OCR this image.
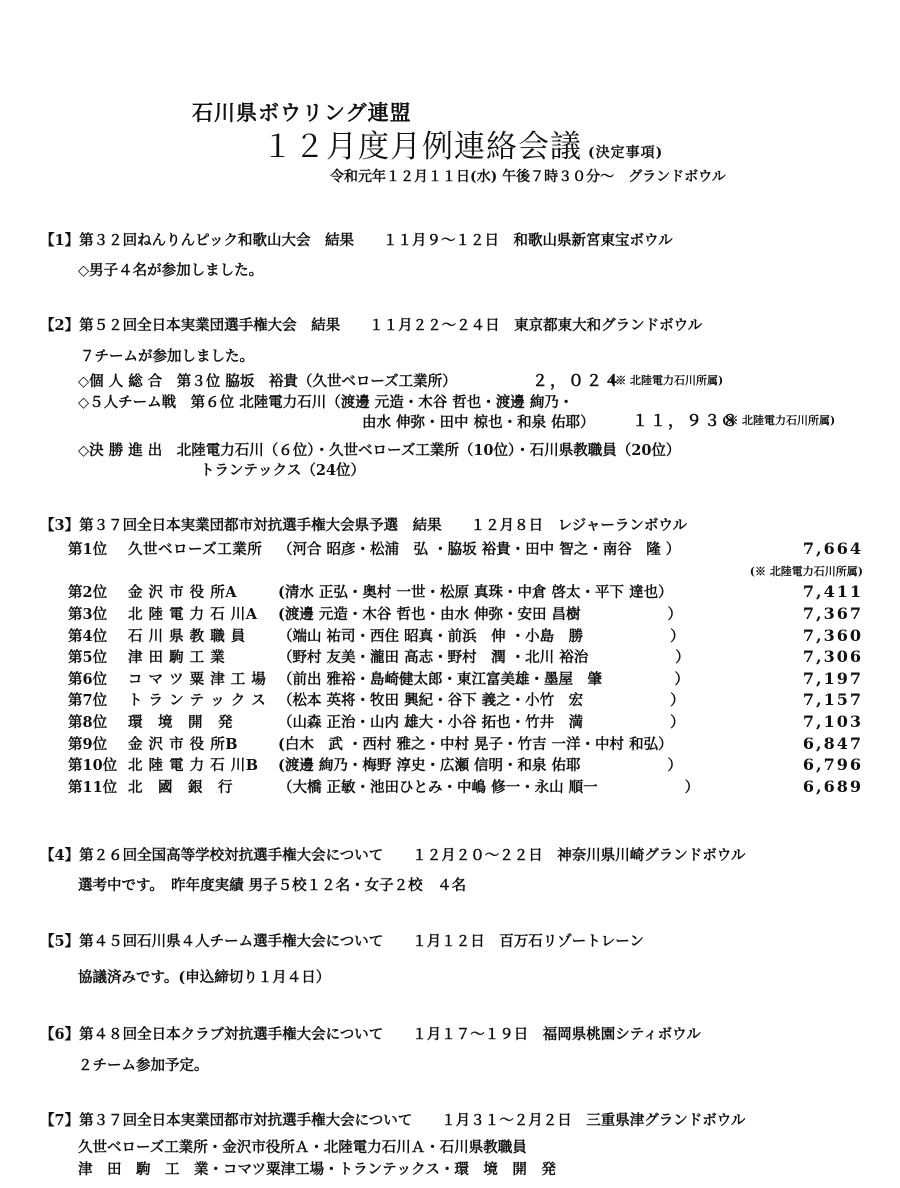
石川県ボウリング連盟
１２月度月例連絡会議 (決定事項)
令和元年１２月１１日(水) 午後７時３０分～　グランドボウル
【1】第３２回ねんりんピック和歌山大会　結果　　１１月９～１２日　和歌山県新宮東宝ボウル
◇男子４名が参加しました。
【2】第５２回全日本実業団選手権大会　結果　　１１月２２～２４日　東京都東大和グランドボウル
７チームが参加しました。
◇個 人 総 合　第３位 脇坂　裕貴（久世ベローズ工業所）	２，０２４
(※ 北陸電力石川所属)
◇５人チーム戦　第６位 北陸電力石川（渡邊 元造・木谷 哲也・渡邊 絢乃・
由水 伸弥・田中 椋也・和泉 佑耶） １１，９３８
(※ 北陸電力石川所属)
◇決 勝 進 出　北陸電力石川（６位）・久世ベローズ工業所（10位）・石川県教職員（20位）
トランテックス（24位）
【3】第３７回全日本実業団都市対抗選手権大会県予選　結果　　１２月８日　レジャーランボウル
第1位	久世ベローズ工業所	（河合 昭彦・松浦　弘 ・脇坂 裕貴・田中 智之・南谷　隆 ）	7,664
(※ 北陸電力石川所属)			
第2位	金 沢 市 役 所A	(清水 正弘・奥村 一世・松原 真珠・中倉 啓太・平下 達也）	7,411
第3位	北 陸 電 力 石 川A	(渡邊 元造・木谷 哲也・由水 伸弥・安田 昌樹　　　　　　）	7,367
第4位	石 川 県 教 職 員	（端山 祐司・西住 昭真・前浜　伸 ・小島　勝　　　　　　）	7,360
第5位	津 田 駒 工 業	（野村 友美・瀧田 高志・野村　潤 ・北川 裕治　　　　　　）	7,306
第6位	コ マ ツ 粟 津 工 場	（前出 雅裕・島崎健太郎・東江富美雄・墨屋　肇　　　　　）	7,197
第7位	ト ラ ン テ ッ ク ス	（松本 英将・牧田 興紀・谷下 義之・小竹　宏　　　　　　）	7,157
第8位	環　境　開　発	（山森 正治・山内 雄大・小谷 拓也・竹井　満　　　　　　）	7,103
第9位	金 沢 市 役 所B	(白木　武 ・西村 雅之・中村 晃子・竹吉 一洋・中村 和弘）	6,847
第10位	北 陸 電 力 石 川B	(渡邊 絢乃・梅野 淳史・広瀬 信明・和泉 佑耶　　　　　　）	6,796
第11位	北　國　銀　行	（大橋 正敏・池田ひとみ・中嶋 修一・永山 順一　　　　　　）	6,689
【4】第２６回全国高等学校対抗選手権大会について　　１２月２０～２２日　神奈川県川崎グランドボウル
選考中です。　昨年度実績 男子５校１２名・女子２校　４名
【5】第４５回石川県４人チーム選手権大会について　　１月１２日　百万石リゾートレーン
協議済みです。(申込締切り１月４日）
【6】第４８回全日本クラブ対抗選手権大会について　　１月１７～１９日　福岡県桃園シティボウル
２チーム参加予定。
【7】第３７回全日本実業団都市対抗選手権大会について　　１月３１～２月２日　三重県津グランドボウル
久世ベローズ工業所・金沢市役所Ａ・北陸電力石川Ａ・石川県教職員
津　田　駒　工　業・コマツ粟津工場・トランテックス・環　境　開　発
